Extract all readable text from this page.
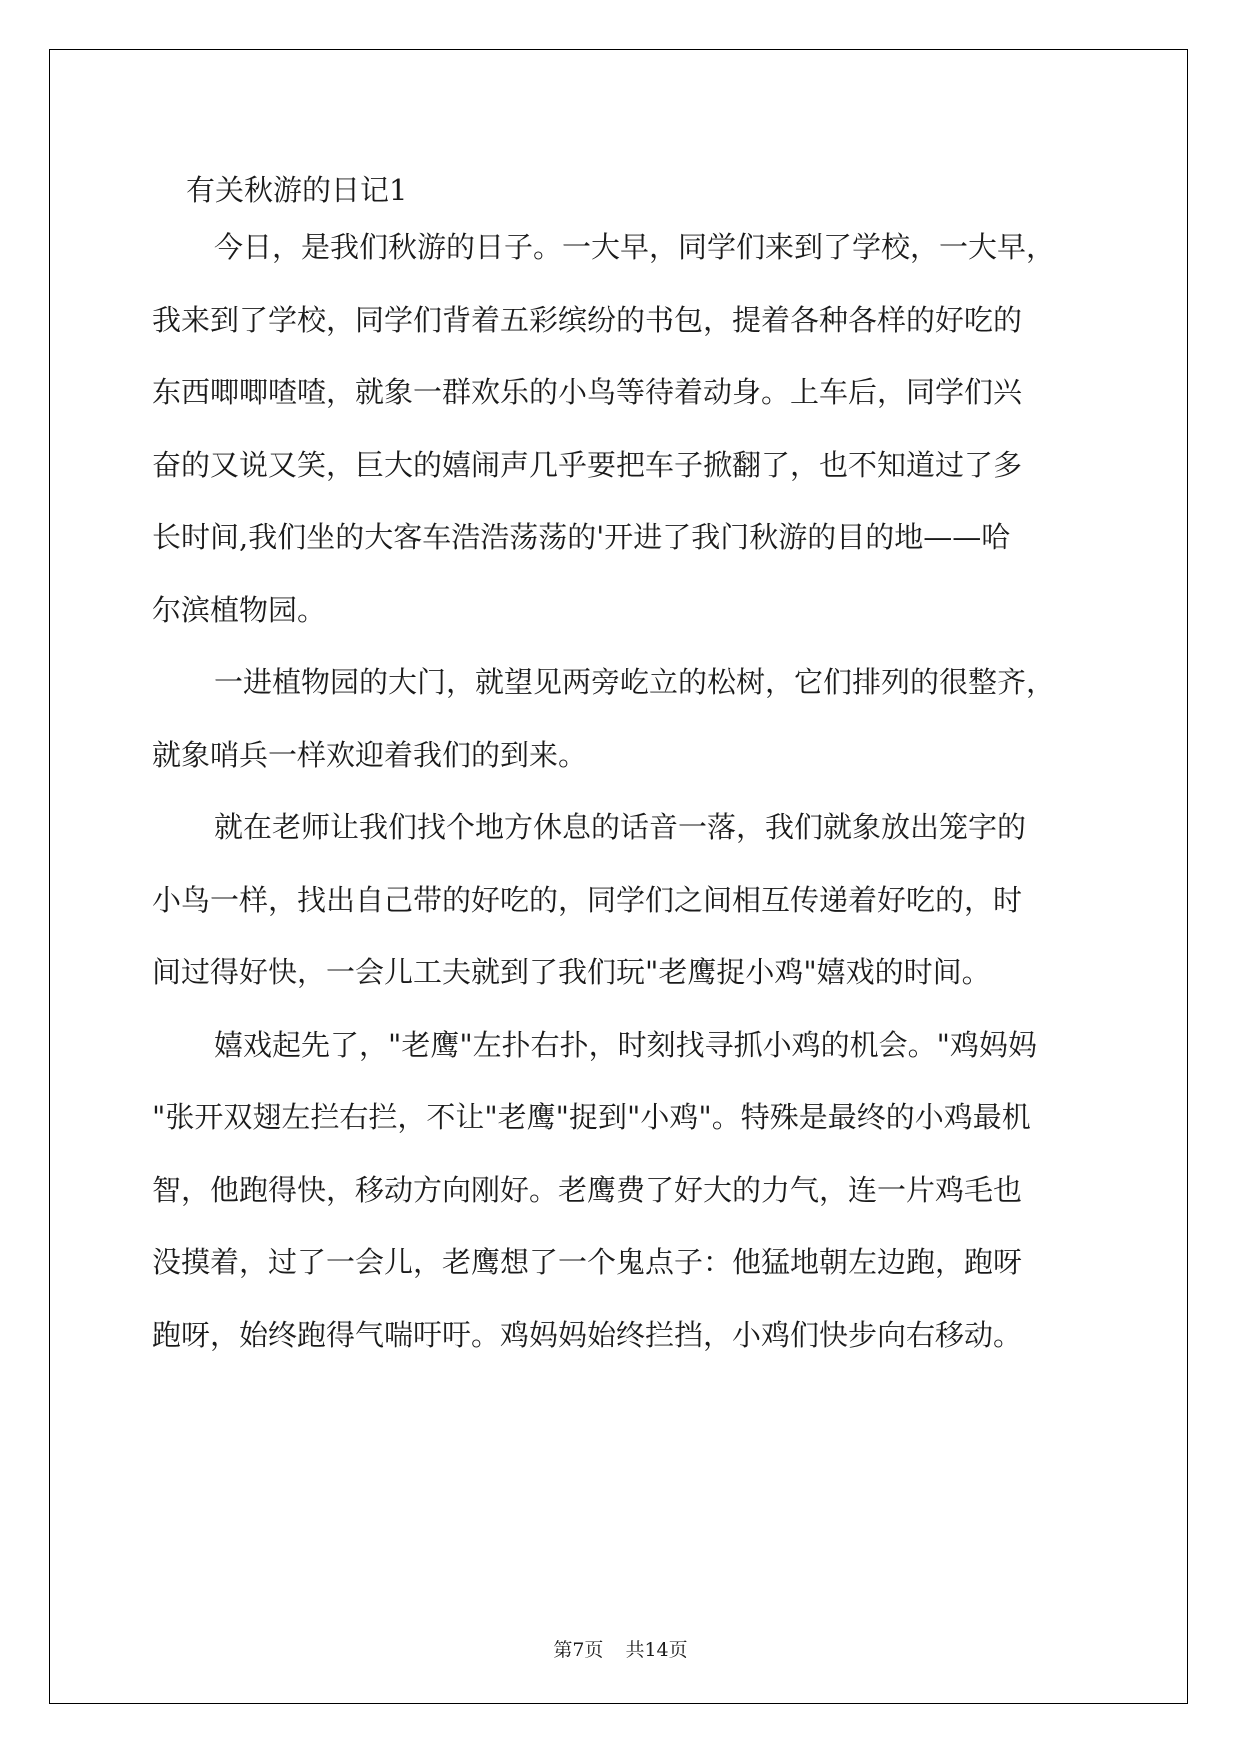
有关秋游的日记1
今日，是我们秋游的日子。一大早，同学们来到了学校，一大早，
我来到了学校，同学们背着五彩缤纷的书包，提着各种各样的好吃的
东西唧唧喳喳，就象一群欢乐的小鸟等待着动身。上车后，同学们兴
奋的又说又笑，巨大的嬉闹声几乎要把车子掀翻了，也不知道过了多
长时间,我们坐的大客车浩浩荡荡的'开进了我门秋游的目的地——哈
尔滨植物园。
一进植物园的大门，就望见两旁屹立的松树，它们排列的很整齐，
就象哨兵一样欢迎着我们的到来。
就在老师让我们找个地方休息的话音一落，我们就象放出笼字的
小鸟一样，找出自己带的好吃的，同学们之间相互传递着好吃的，时
间过得好快，一会儿工夫就到了我们玩"老鹰捉小鸡"嬉戏的时间。
嬉戏起先了，"老鹰"左扑右扑，时刻找寻抓小鸡的机会。"鸡妈妈
"张开双翅左拦右拦，不让"老鹰"捉到"小鸡"。特殊是最终的小鸡最机
智，他跑得快，移动方向刚好。老鹰费了好大的力气，连一片鸡毛也
没摸着，过了一会儿，老鹰想了一个鬼点子：他猛地朝左边跑，跑呀
跑呀，始终跑得气喘吁吁。鸡妈妈始终拦挡，小鸡们快步向右移动。
第7页 共14页
